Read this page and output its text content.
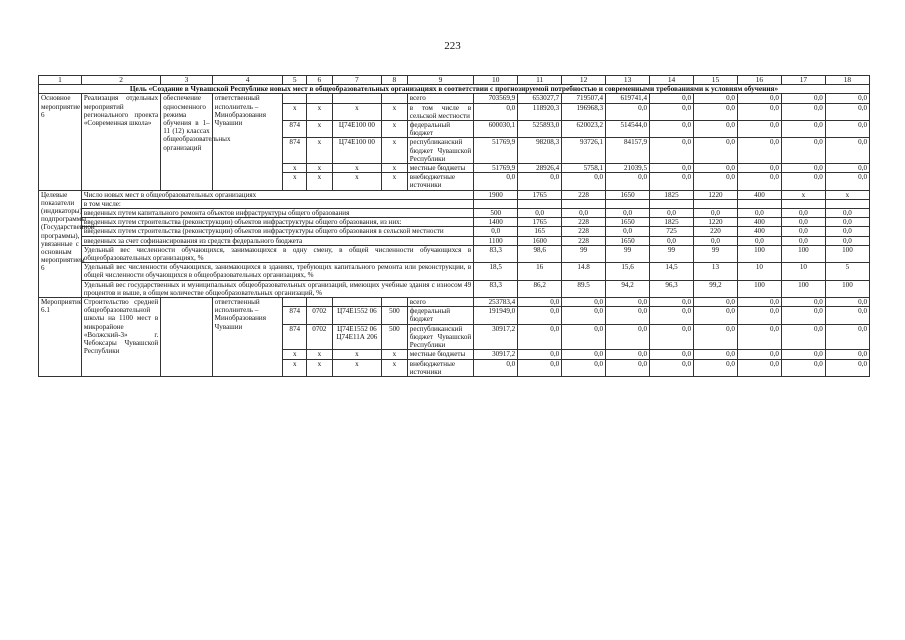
223
1	2	3	4	5	6	7	8	9	10	11	12	13	14	15	16	17	18
Цель «Создание в Чувашской Республике новых мест в общеобразовательных организациях в соответствии с прогнозируемой потребностью и современными требованиями к условиям обучения»																	
Основное мероприятие 6	Реализация отдельных мероприятий регионального проекта «Современная школа»	обеспечение односменного режима обучения в 1–11 (12) классах общеобразовательных организаций	ответственный исполнитель – Минобразования Чувашии					всего	703569,9	653027,7	719507,4	619741,4	0,0	0,0	0,0	0,0	0,0
				х	х	х	х	в том числе в сельской местности	0,0	118920,3	196968,3	0,0	0,0	0,0	0,0	0,0	0,0
				874	х	Ц74Е100 00	х	федеральный бюджет	600030,1	525893,0	620023,2	514544,0	0,0	0,0	0,0	0,0	0,0
				874	х	Ц74Е100 00	х	республиканский бюджет Чувашской Республики	51769,9	98208,3	93726,1	84157,9	0,0	0,0	0,0	0,0	0,0
				х	х	х	х	местные бюджеты	51769,9	28926,4	5758,1	21039,5	0,0	0,0	0,0	0,0	0,0
				х	х	х	х	внебюджетные источники	0,0	0,0	0,0	0,0	0,0	0,0	0,0	0,0	0,0
Целевые показатели (индикаторы) подпрограммы (Государственной программы), увязанные с основным мероприятием 6	Число новых мест в общеобразовательных организациях								1900	1765	228	1650	1825	1220	400	х	х
	в том числе:																
	введенных путем капитального ремонта объектов инфраструктуры общего образования								500	0,0	0,0	0,0	0,0	0,0	0,0	0,0	0,0
	введенных путем строительства (реконструкции) объектов инфраструктуры общего образования, из них:								1400	1765	228	1650	1825	1220	400	0,0	0,0
	введенных путем строительства (реконструкции) объектов инфраструктуры общего образования в сельской местности								0,0	165	228	0,0	725	220	400	0,0	0,0
	введенных за счет софинансирования из средств федерального бюджета								1100	1600	228	1650	0,0	0,0	0,0	0,0	0,0
	Удельный вес численности обучающихся, занимающихся в одну смену, в общей численности обучающихся в общеобразовательных организациях, %								83,3	98,6	99	99	99	99	100	100	100
	Удельный вес численности обучающихся, занимающихся в зданиях, требующих капитального ремонта или реконструкции, в общей численности обучающихся в общеобразовательных организациях, %								18,5	16	14.8	15,6	14,5	13	10	10	5
	Удельный вес государственных и муниципальных общеобразовательных организаций, имеющих учебные здания с износом 49 процентов и выше, в общем количестве общеобразовательных организаций, %								83,3	86,2	89.5	94,2	96,3	99,2	100	100	100
Мероприятие 6.1	Строительство средней общеобразовательной школы на 1100 мест в микрорайоне «Волжский-3» г. Чебоксары Чувашской Республики		ответственный исполнитель – Минобразования Чувашии					всего	253783,4	0,0	0,0	0,0	0,0	0,0	0,0	0,0	0,0
				874	0702	Ц74Е1552 06	500	федеральный бюджет	191949,0	0,0	0,0	0,0	0,0	0,0	0,0	0,0	0,0
				874	0702	Ц74Е1552 06 Ц74Е11А 206	500	республиканский бюджет Чувашской Республики	30917,2	0,0	0,0	0,0	0,0	0,0	0,0	0,0	0,0
				х	х	х	х	местные бюджеты	30917,2	0,0	0,0	0,0	0,0	0,0	0,0	0,0	0,0
				х	х	х	х	внебюджетные источники	0,0	0,0	0,0	0,0	0,0	0,0	0,0	0,0	0,0
